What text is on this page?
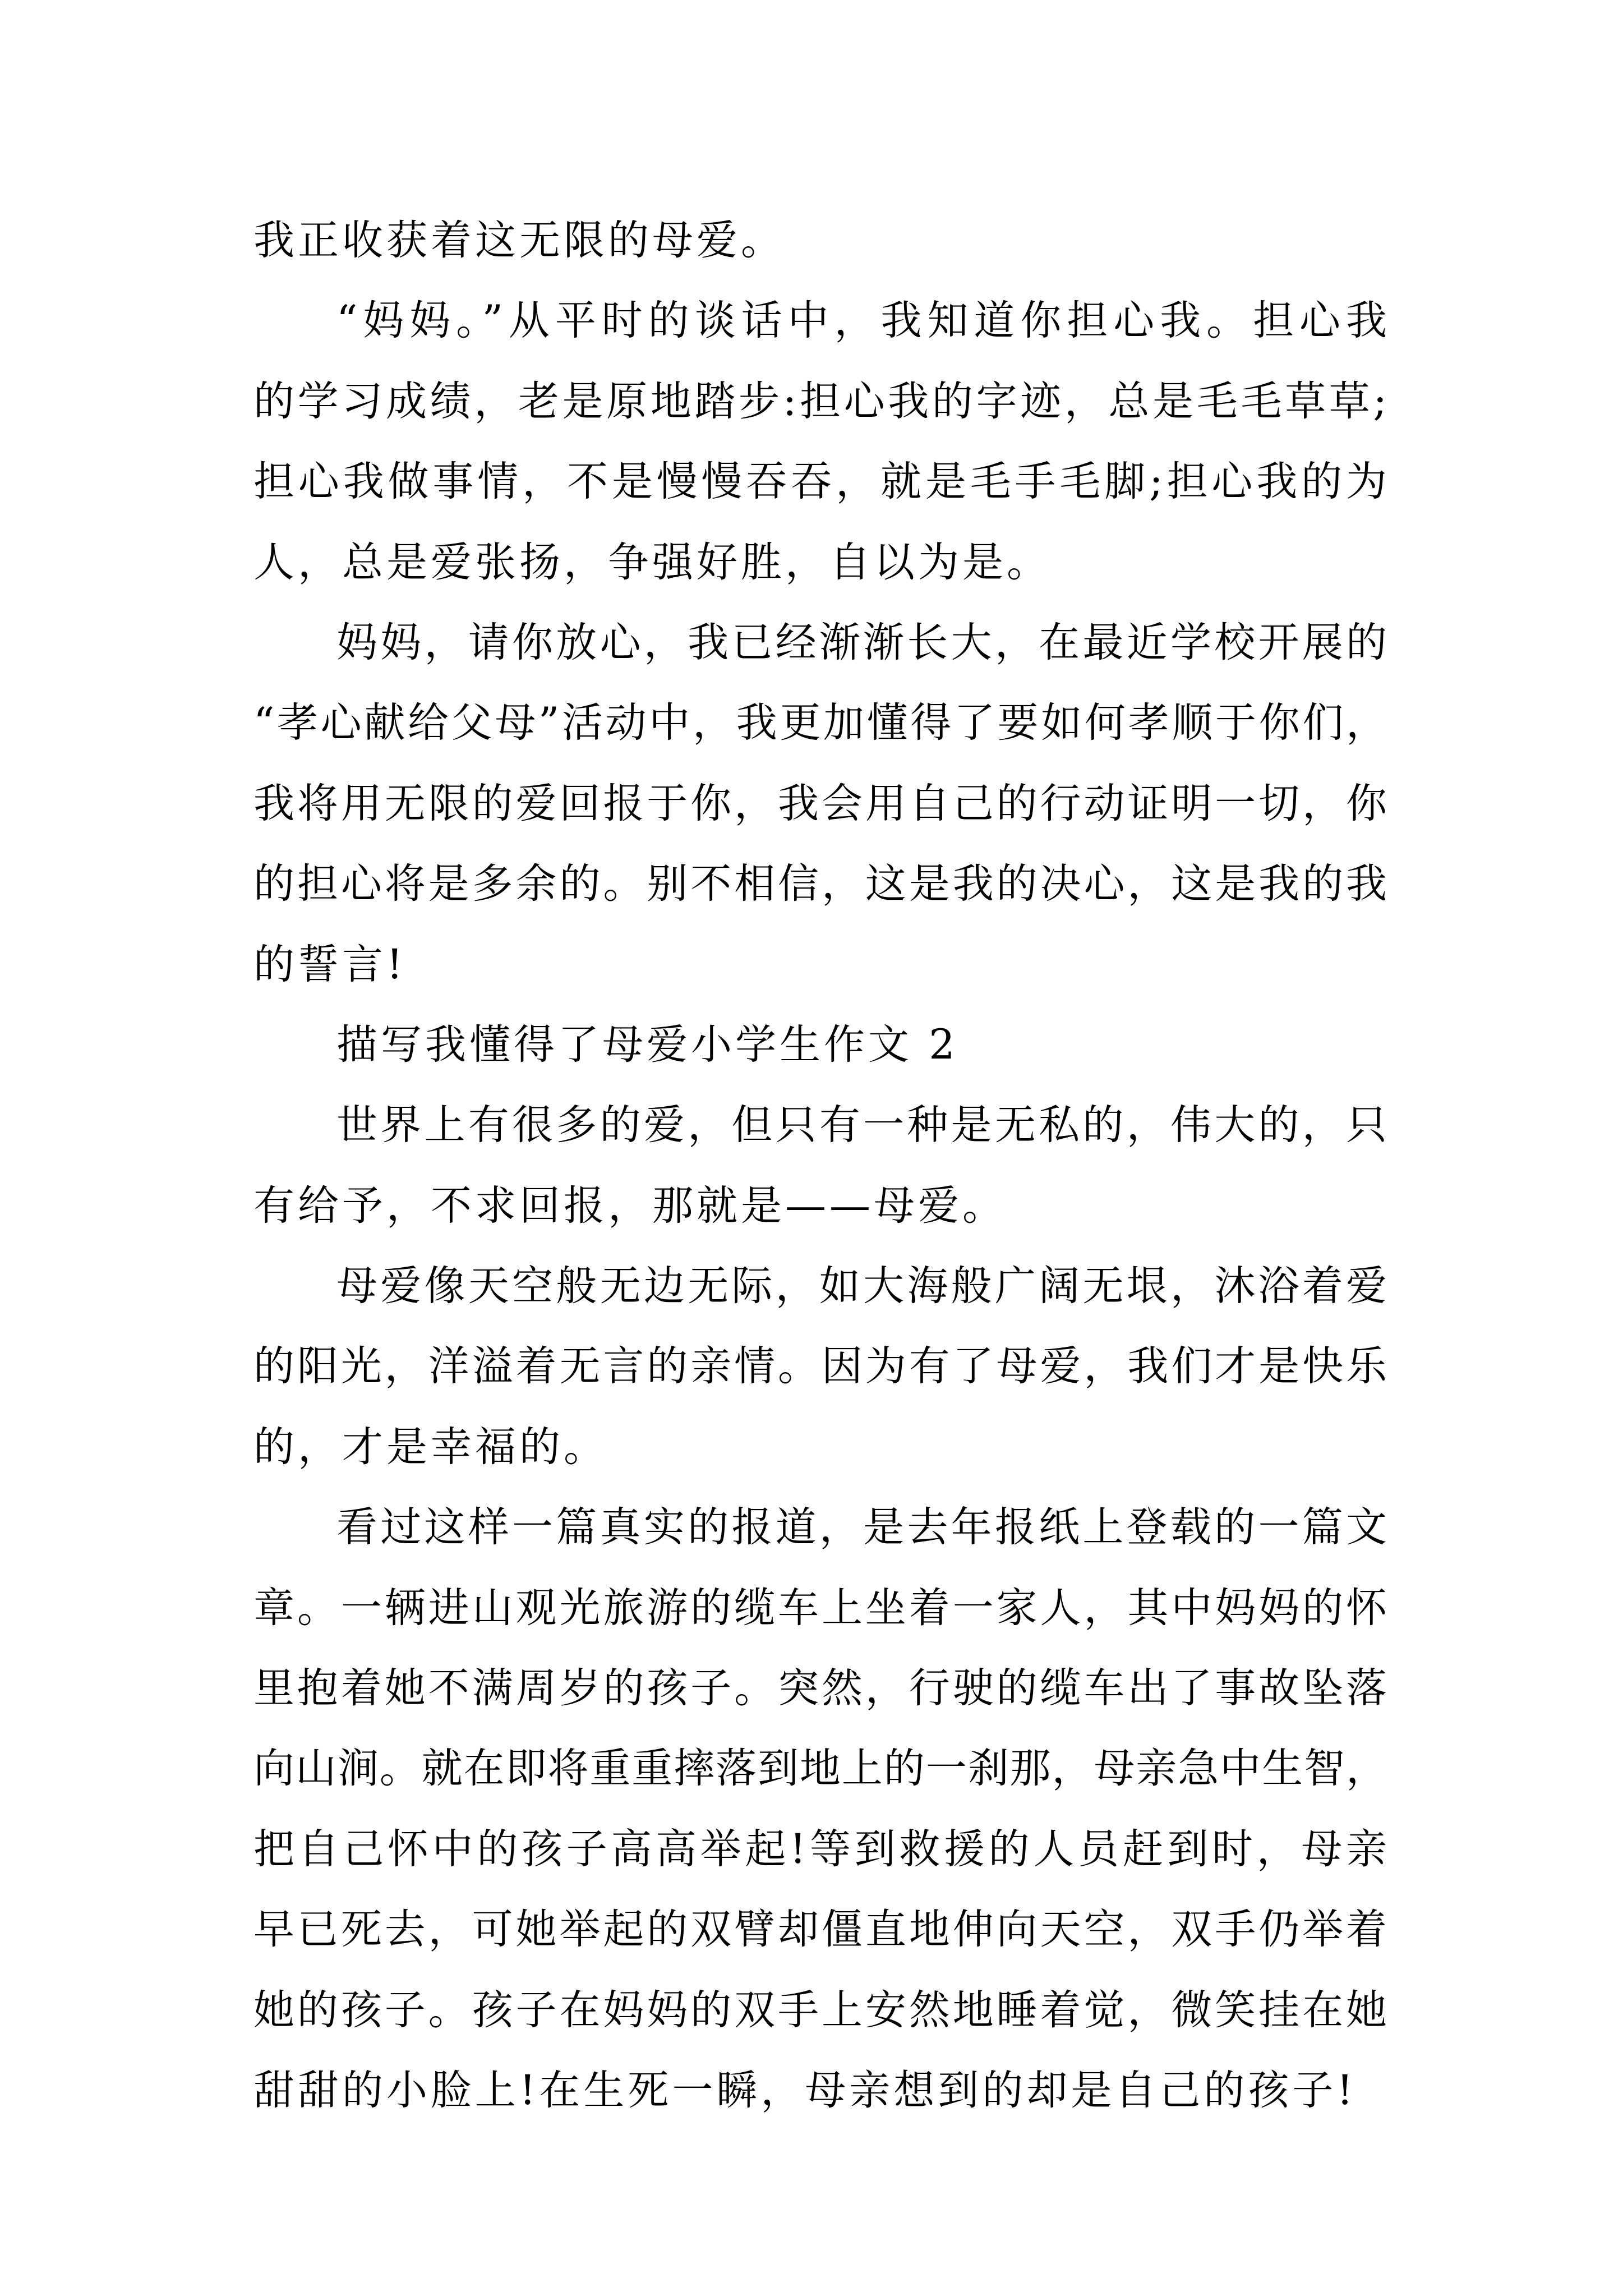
我正收获着这无限的母爱。
“妈妈。”从平时的谈话中，我知道你担心我。担心我
的学习成绩，老是原地踏步:担心我的字迹，总是毛毛草草;
担心我做事情，不是慢慢吞吞，就是毛手毛脚;担心我的为
人，总是爱张扬，争强好胜，自以为是。
妈妈，请你放心，我已经渐渐长大，在最近学校开展的
“孝心献给父母”活动中，我更加懂得了要如何孝顺于你们，
我将用无限的爱回报于你，我会用自己的行动证明一切，你
的担心将是多余的。别不相信，这是我的决心，这是我的我
的誓言!
描写我懂得了母爱小学生作文 2
世界上有很多的爱，但只有一种是无私的，伟大的，只
有给予，不求回报，那就是——母爱。
母爱像天空般无边无际，如大海般广阔无垠，沐浴着爱
的阳光，洋溢着无言的亲情。因为有了母爱，我们才是快乐
的，才是幸福的。
看过这样一篇真实的报道，是去年报纸上登载的一篇文
章。一辆进山观光旅游的缆车上坐着一家人，其中妈妈的怀
里抱着她不满周岁的孩子。突然，行驶的缆车出了事故坠落
向山涧。就在即将重重摔落到地上的一刹那，母亲急中生智，
把自己怀中的孩子高高举起!等到救援的人员赶到时，母亲
早已死去，可她举起的双臂却僵直地伸向天空，双手仍举着
她的孩子。孩子在妈妈的双手上安然地睡着觉，微笑挂在她
甜甜的小脸上!在生死一瞬，母亲想到的却是自己的孩子!
